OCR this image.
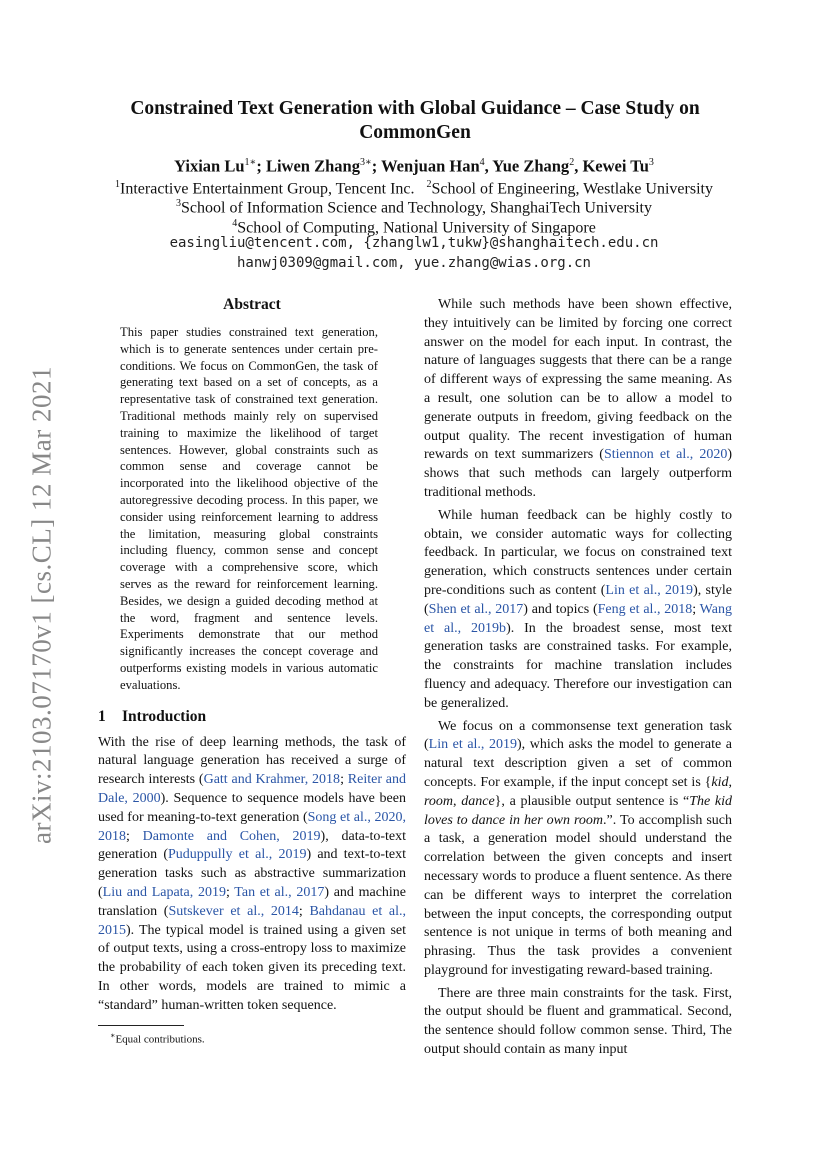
arXiv:2103.07170v1 [cs.CL] 12 Mar 2021
Constrained Text Generation with Global Guidance – Case Study on CommonGen
Yixian $Lu^{1∗}$; Liwen Zhang$^{3∗}$; Wenjuan Han$^4$, Yue Zhang$^2$, Kewei Tu$^3$
$^1$Interactive Entertainment Group, Tencent Inc. $^2$School of Engineering, Westlake University
$^3$School of Information Science and Technology, ShanghaiTech University
$^4$School of Computing, National University of Singapore
easingliu@tencent.com, {zhanglw1,tukw}@shanghaitech.edu.cn
hanwj0309@gmail.com, yue.zhang@wias.org.cn
Abstract

This paper studies constrained text generation, which is to generate sentences under certain pre-conditions. We focus on CommonGen, the task of generating text based on a set of concepts, as a representative task of constrained text generation. Traditional methods mainly rely on supervised training to maximize the likelihood of target sentences. However, global constraints such as common sense and coverage cannot be incorporated into the likelihood objective of the autoregressive decoding process. In this paper, we consider using reinforcement learning to address the limitation, measuring global constraints including fluency, common sense and concept coverage with a comprehensive score, which serves as the reward for reinforcement learning. Besides, we design a guided decoding method at the word, fragment and sentence levels. Experiments demonstrate that our method significantly increases the concept coverage and outperforms existing models in various automatic evaluations.

1 Introduction

With the rise of deep learning methods, the task of natural language generation has received a surge of research interests (Gatt and Krahmer, 2018; Reiter and Dale, 2000). Sequence to sequence models have been used for meaning-to-text generation (Song et al., 2020, 2018; Damonte and Cohen, 2019), data-to-text generation (Puduppully et al., 2019) and text-to-text generation tasks such as abstractive summarization (Liu and Lapata, 2019; Tan et al., 2017) and machine translation (Sutskever et al., 2014; Bahdanau et al., 2015). The typical model is trained using a given set of output texts, using a cross-entropy loss to maximize the probability of each token given its preceding text. In other words, models are trained to mimic a “standard” human-written token sequence.

∗Equal contributions.

While such methods have been shown effective, they intuitively can be limited by forcing one correct answer on the model for each input. In contrast, the nature of languages suggests that there can be a range of different ways of expressing the same meaning. As a result, one solution can be to allow a model to generate outputs in freedom, giving feedback on the output quality. The recent investigation of human rewards on text summarizers (Stiennon et al., 2020) shows that such methods can largely outperform traditional methods.

While human feedback can be highly costly to obtain, we consider automatic ways for collecting feedback. In particular, we focus on constrained text generation, which constructs sentences under certain pre-conditions such as content (Lin et al., 2019), style (Shen et al., 2017) and topics (Feng et al., 2018; Wang et al., 2019b). In the broadest sense, most text generation tasks are constrained tasks. For example, the constraints for machine translation includes fluency and adequacy. Therefore our investigation can be generalized.

We focus on a commonsense text generation task (Lin et al., 2019), which asks the model to generate a natural text description given a set of common concepts. For example, if the input concept set is {kid, room, dance}, a plausible output sentence is “The kid loves to dance in her own room.”. To accomplish such a task, a generation model should understand the correlation between the given concepts and insert necessary words to produce a fluent sentence. As there can be different ways to interpret the correlation between the input concepts, the corresponding output sentence is not unique in terms of both meaning and phrasing. Thus the task provides a convenient playground for investigating reward-based training.

There are three main constraints for the task. First, the output should be fluent and grammatical. Second, the sentence should follow common sense. Third, The output should contain as many input
